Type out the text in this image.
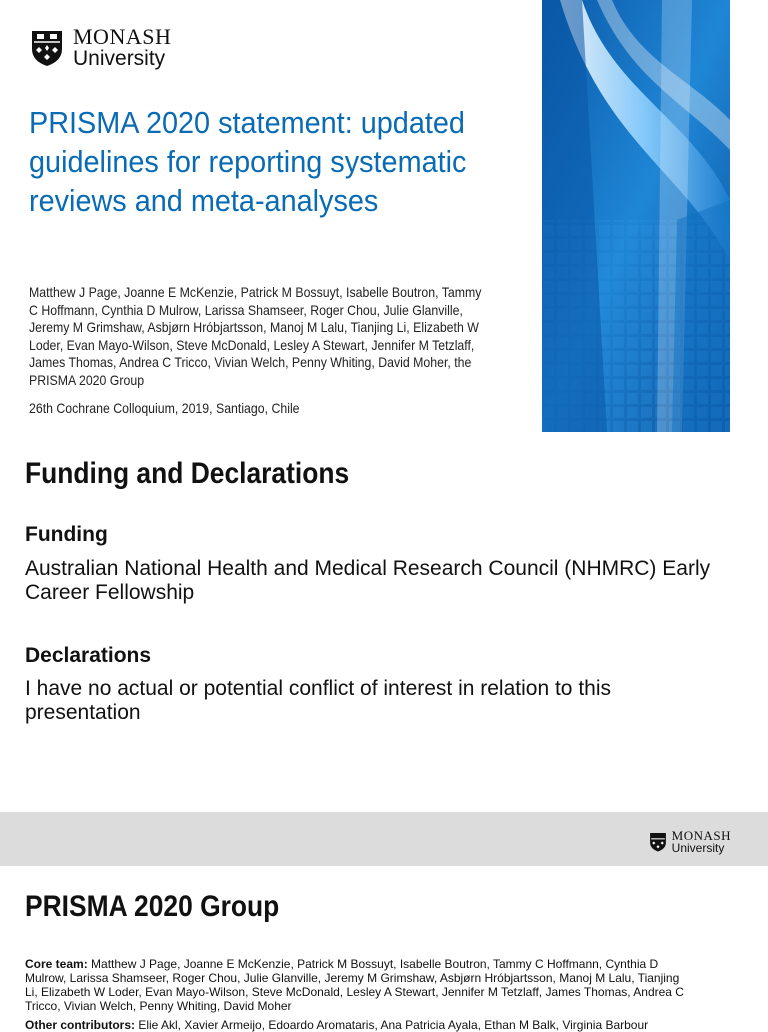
MONASH
University
PRISMA 2020 statement: updated guidelines for reporting systematic reviews and meta-analyses
Matthew J Page, Joanne E McKenzie, Patrick M Bossuyt, Isabelle Boutron, Tammy C Hoffmann, Cynthia D Mulrow, Larissa Shamseer, Roger Chou, Julie Glanville, Jeremy M Grimshaw, Asbjørn Hróbjartsson, Manoj M Lalu, Tianjing Li, Elizabeth W Loder, Evan Mayo-Wilson, Steve McDonald, Lesley A Stewart, Jennifer M Tetzlaff, James Thomas, Andrea C Tricco, Vivian Welch, Penny Whiting, David Moher, the PRISMA 2020 Group
26th Cochrane Colloquium, 2019, Santiago, Chile
Funding and Declarations
Funding
Australian National Health and Medical Research Council (NHMRC) Early Career Fellowship
Declarations
I have no actual or potential conflict of interest in relation to this presentation
MONASH
University
PRISMA 2020 Group
Core team: Matthew J Page, Joanne E McKenzie, Patrick M Bossuyt, Isabelle Boutron, Tammy C Hoffmann, Cynthia D Mulrow, Larissa Shamseer, Roger Chou, Julie Glanville, Jeremy M Grimshaw, Asbjørn Hróbjartsson, Manoj M Lalu, Tianjing Li, Elizabeth W Loder, Evan Mayo-Wilson, Steve McDonald, Lesley A Stewart, Jennifer M Tetzlaff, James Thomas, Andrea C Tricco, Vivian Welch, Penny Whiting, David Moher
Other contributors: Elie Akl, Xavier Armeijo, Edoardo Aromataris, Ana Patricia Ayala, Ethan M Balk, Virginia Barbour
